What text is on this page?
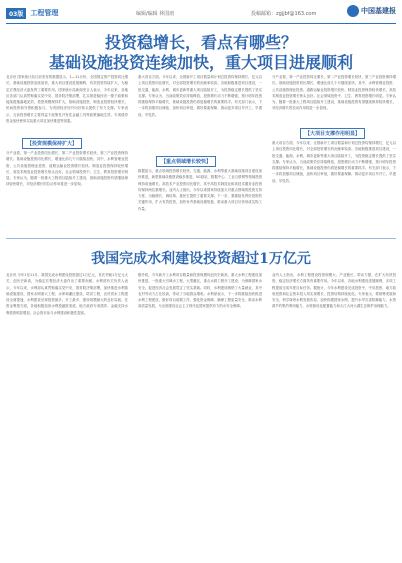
03版	工程管理	编辑/编辑 林国雨	投稿邮箱：zgjjbf@163.com	中国基建报
投资稳增长，看点有哪些？
基础设施投资连续加快，重大项目进展顺利

北京讯 国家统计局日前发布的数据显示，1—11月份，全国固定资产投资同比增长，基础设施投资连续加快，重大项目建设进展顺利，有效投资持续扩大，为稳定宏观经济大盘发挥了重要作用。国家统计局新闻发言人表示，今年以来，各地区各部门认真贯彻落实党中央、国务院决策部署，扎实推进稳经济一揽子政策和接续措施落地见效，投资规模保持扩大，基础设施投资、制造业投资较快增长，民间投资和外资积极参与，为巩固经济回升向好势头提供了有力支撑。专家表示，当前投资增长主要得益于政策性开发性金融工具等政策落地生效、专项债券资金加快使用以及重大项目加快推进等因素。

【投资规模保持扩大】

分产业看，第一产业投资同比增长，第二产业投资增长较快，第三产业投资保持增长。基础设施投资同比增长，增速比前几个月继续加快。其中，水利管理业投资、公共设施管理业投资、道路运输业投资增长较快。制造业投资保持较快增长，高技术制造业投资增长势头良好。社会领域投资中，卫生、教育投资增长明显。专家认为，随着一批重大工程项目陆续开工建设，基础设施投资有望继续保持较快增长，对经济增长的拉动作用将进一步显现。

【重点领域增长较快】

重大项目方面，今年以来，全国新开工项目数量和计划总投资均保持增长，亿元以上项目投资同比增长，对全部投资增长的贡献率较高。各地积极推进项目建设，一批交通、能源、水利、城市更新等重大项目陆续开工，为投资稳定增长提供了坚实支撑。专家认为，当前政策效应持续释放，投资增长动力不断增强，预计明年投资将继续保持平稳增长，基础设施投资仍将是稳增长的重要抓手。有关部门表示，下一步将加强项目储备，加快项目审批，做好要素保障，推动更多项目早开工、早建设、早见效。

数据显示，重点领域投资增长较快，交通、能源、水利等重大基础设施项目建设加快推进，新型基础设施建设稳步推进，5G基站、数据中心、工业互联网等领域投资保持高速增长。高技术产业投资同比增长，其中高技术制造业和高技术服务业投资均保持两位数增长。业内人士指出，今年以来国家持续加大对重点领域的投资支持力度，为稳增长、调结构、惠民生提供了重要支撑。下一步，要继续发挥好投资的关键作用，扩大有效投资，加快补齐基础设施短板，推动重大项目尽快形成实物工作量。

分产业看，第一产业投资同比增长，第二产业投资增长较快，第三产业投资保持增长。基础设施投资同比增长，增速比前几个月继续加快。其中，水利管理业投资、公共设施管理业投资、道路运输业投资增长较快。制造业投资保持较快增长，高技术制造业投资增长势头良好。社会领域投资中，卫生、教育投资增长明显。专家认为，随着一批重大工程项目陆续开工建设，基础设施投资有望继续保持较快增长，对经济增长的拉动作用将进一步显现。

【大项目支撑作用明显】

重大项目方面，今年以来，全国新开工项目数量和计划总投资均保持增长，亿元以上项目投资同比增长，对全部投资增长的贡献率较高。各地积极推进项目建设，一批交通、能源、水利、城市更新等重大项目陆续开工，为投资稳定增长提供了坚实支撑。专家认为，当前政策效应持续释放，投资增长动力不断增强，预计明年投资将继续保持平稳增长，基础设施投资仍将是稳增长的重要抓手。有关部门表示，下一步将加强项目储备，加快项目审批，做好要素保障，推动更多项目早开工、早建设、早见效。

我国完成水利建设投资超过1万亿元

北京讯 今年1至11月，我国完成水利建设投资超过1万亿元，首次突破1万亿元大关，创历史新高，为稳定宏观经济大盘作出了重要贡献。水利部有关负责人表示，今年以来，水利部认真贯彻落实党中央、国务院决策部署，加快推进水利基础设施建设，国家水网重大工程、水库和灌区建设、防洪工程、农村供水工程建设全面提速，水利建设呈现投资最多、开工最多、建设规模最大的良好局面。在资金筹措方面，各地积极拓宽水利投融资渠道，地方政府专项债券、金融支持水利投资明显增加，社会资本参与水利建设积极性提高。

据介绍，今年新开工水利项目数量和投资规模均创历史新高，重大水利工程建设加快推进，一批重大引调水工程、大型灌区、重点水源工程开工建设，为保障国家水安全、促进经济社会发展奠定了坚实基础。同时，水利建设吸纳了大量就业，其中农村劳动力占比较高，带动了当地群众增收。水利部表示，下一步将继续加快推进水利工程建设，做好项目前期工作，强化资金保障，确保工程质量安全，推动水利高质量发展，为全面建设社会主义现代化国家提供有力的水安全保障。

业内人士指出，水利工程建设投资规模大、产业链长、带动力强，在扩大有效投资、稳定经济增长方面具有重要作用。今年以来，各地水利建设进展顺利，多项工程提前完成年度目标任务。据统计，今年水利建设完成投资中，中央投资、地方政府投资和社会资本投入均实现增长，投资结构持续优化。专家表示，要统筹发展和安全，科学谋划水利发展布局，加快构建国家水网，提升水旱灾害防御能力、水资源节约集约利用能力、水资源优化配置能力和大江大河大湖生态保护治理能力。
